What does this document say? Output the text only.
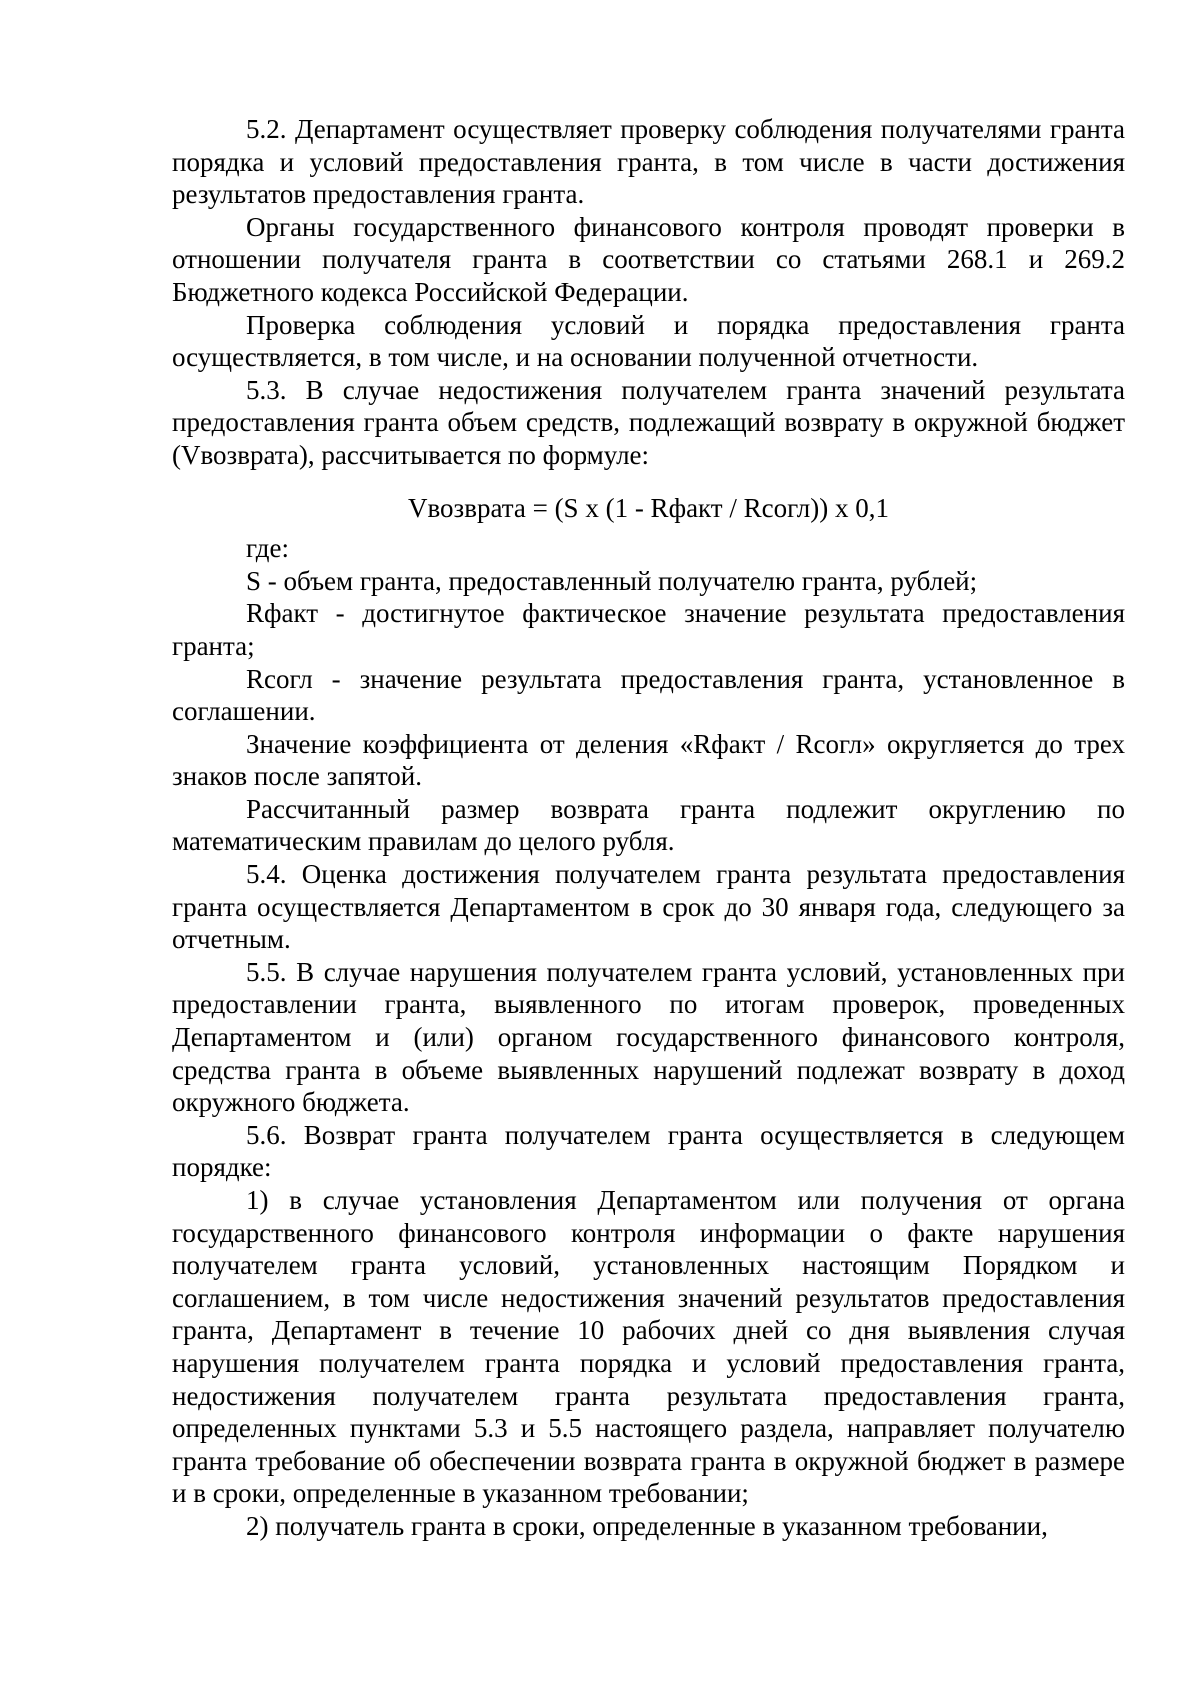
5.2. Департамент осуществляет проверку соблюдения получателями гранта порядка и условий предоставления гранта, в том числе в части достижения результатов предоставления гранта.

Органы государственного финансового контроля проводят проверки в отношении получателя гранта в соответствии со статьями 268.1 и 269.2 Бюджетного кодекса Российской Федерации.

Проверка соблюдения условий и порядка предоставления гранта осуществляется, в том числе, и на основании полученной отчетности.

5.3. В случае недостижения получателем гранта значений результата предоставления гранта объем средств, подлежащий возврату в окружной бюджет (Vвозврата), рассчитывается по формуле:

Vвозврата = (S x (1 - Rфакт / Rсогл)) x 0,1

где:

S - объем гранта, предоставленный получателю гранта, рублей;

Rфакт - достигнутое фактическое значение результата предоставления гранта;

Rсогл - значение результата предоставления гранта, установленное в соглашении.

Значение коэффициента от деления «Rфакт / Rсогл» округляется до трех знаков после запятой.

Рассчитанный размер возврата гранта подлежит округлению по математическим правилам до целого рубля.

5.4. Оценка достижения получателем гранта результата предоставления гранта осуществляется Департаментом в срок до 30 января года, следующего за отчетным.

5.5. В случае нарушения получателем гранта условий, установленных при предоставлении гранта, выявленного по итогам проверок, проведенных Департаментом и (или) органом государственного финансового контроля, средства гранта в объеме выявленных нарушений подлежат возврату в доход окружного бюджета.

5.6. Возврат гранта получателем гранта осуществляется в следующем порядке:

1) в случае установления Департаментом или получения от органа государственного финансового контроля информации о факте нарушения получателем гранта условий, установленных настоящим Порядком и соглашением, в том числе недостижения значений результатов предоставления гранта, Департамент в течение 10 рабочих дней со дня выявления случая нарушения получателем гранта порядка и условий предоставления гранта, недостижения получателем гранта результата предоставления гранта, определенных пунктами 5.3 и 5.5 настоящего раздела, направляет получателю гранта требование об обеспечении возврата гранта в окружной бюджет в размере и в сроки, определенные в указанном требовании;

2) получатель гранта в сроки, определенные в указанном требовании,
